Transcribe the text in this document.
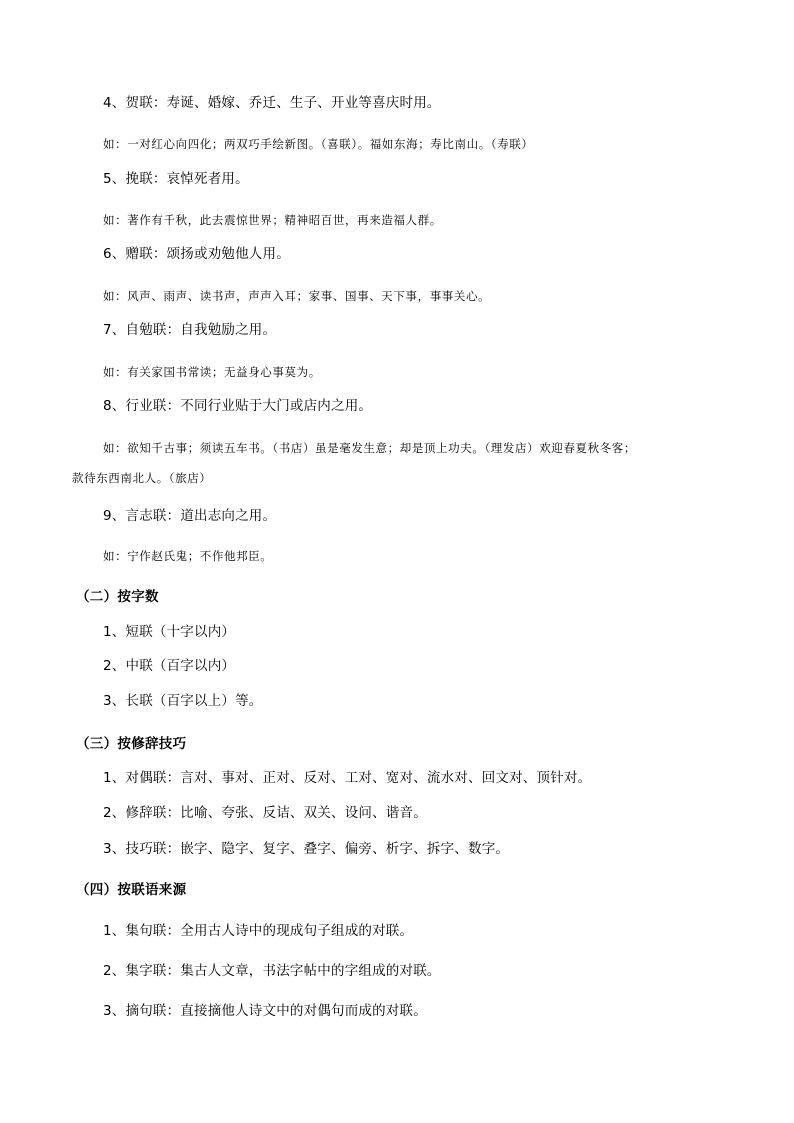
4、贺联：寿诞、婚嫁、乔迁、生子、开业等喜庆时用。
如：一对红心向四化；两双巧手绘新图。（喜联）。福如东海；寿比南山。（寿联）
5、挽联：哀悼死者用。
如：著作有千秋，此去震惊世界；精神昭百世，再来造福人群。
6、赠联：颂扬或劝勉他人用。
如：风声、雨声、读书声，声声入耳；家事、国事、天下事，事事关心。
7、自勉联：自我勉励之用。
如：有关家国书常读；无益身心事莫为。
8、行业联：不同行业贴于大门或店内之用。
如：欲知千古事；须读五车书。（书店）虽是毫发生意；却是顶上功夫。（理发店）欢迎春夏秋冬客；
款待东西南北人。（旅店）
9、言志联：道出志向之用。
如：宁作赵氏鬼；不作他邦臣。
（二）按字数
1、短联（十字以内）
2、中联（百字以内）
3、长联（百字以上）等。
（三）按修辞技巧
1、对偶联：言对、事对、正对、反对、工对、宽对、流水对、回文对、顶针对。
2、修辞联：比喻、夸张、反诘、双关、设问、谐音。
3、技巧联：嵌字、隐字、复字、叠字、偏旁、析字、拆字、数字。
（四）按联语来源
1、集句联：全用古人诗中的现成句子组成的对联。
2、集字联：集古人文章，书法字帖中的字组成的对联。
3、摘句联：直接摘他人诗文中的对偶句而成的对联。
